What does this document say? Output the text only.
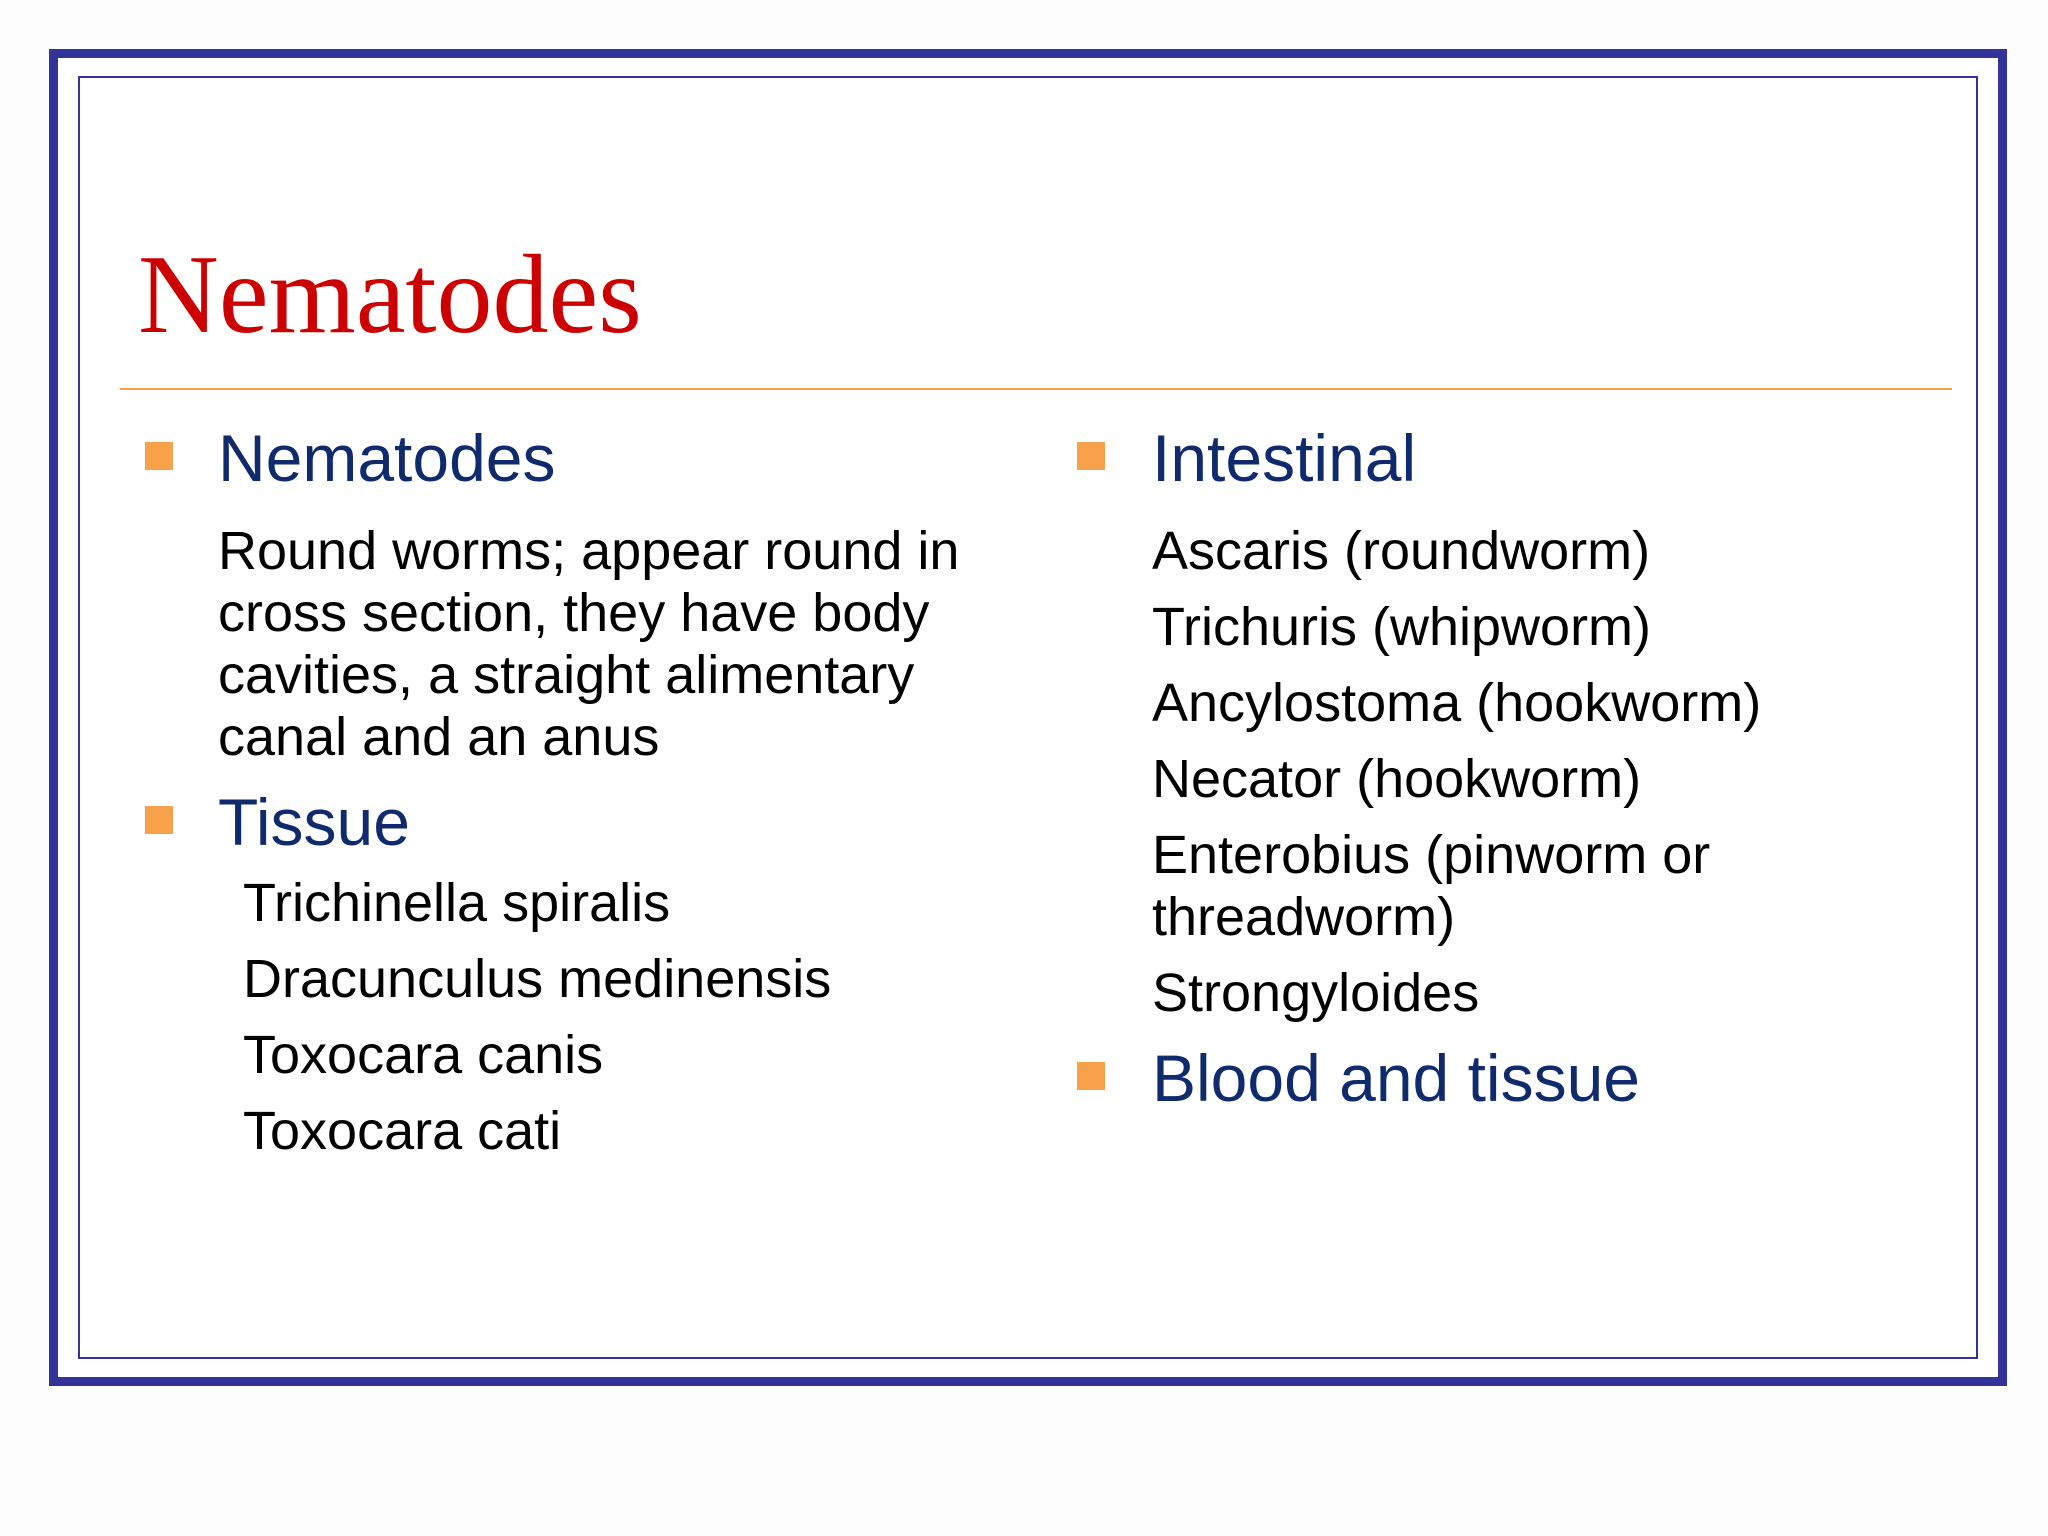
Nematodes
Nematodes

Round worms; appear round in cross section, they have body cavities, a straight alimentary canal and an anus

Tissue
Trichinella spiralis
Dracunculus medinensis
Toxocara canis
Toxocara cati
Intestinal
Ascaris (roundworm)
Trichuris (whipworm)
Ancylostoma (hookworm)
Necator (hookworm)
Enterobius (pinworm or threadworm)
Strongyloides
Blood and tissue
